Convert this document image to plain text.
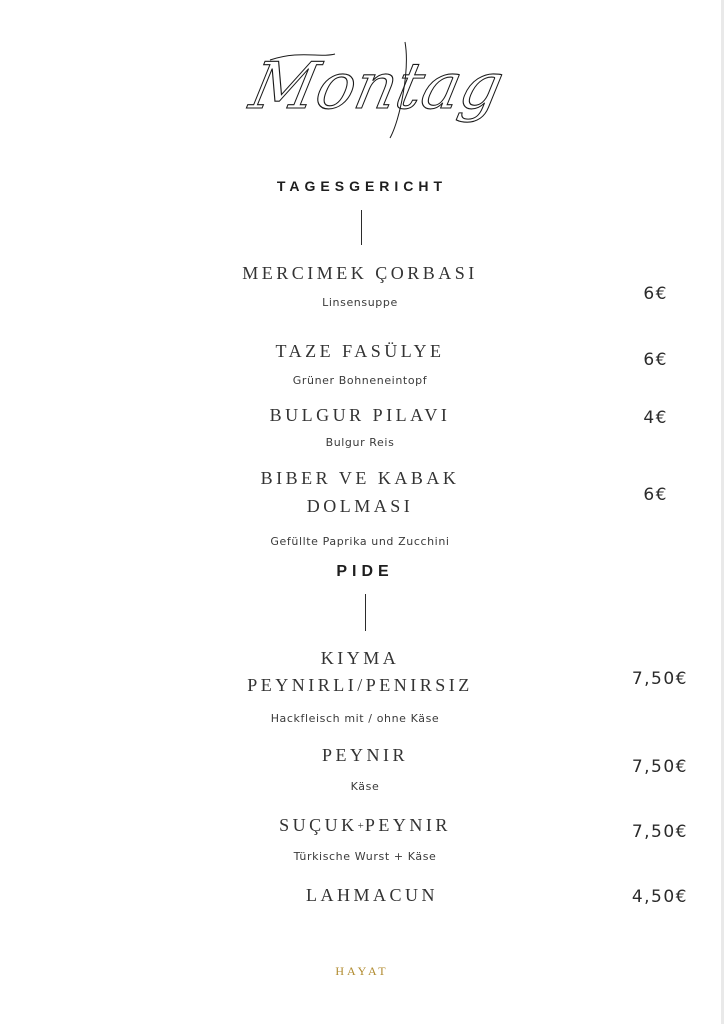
Montag
TAGESGERICHT
MERCIMEK ÇORBASI
Linsensuppe	6€
TAZE FASÜLYE
Grüner Bohneneintopf
6€
BULGUR PILAVI
Bulgur Reis
4€
BIBER VE KABAK
DOLMASI
Gefüllte Paprika und Zucchini
6€
PIDE
KIYMA
PEYNIRLI/PENIRSIZ
Hackfleisch mit / ohne Käse
7,50€
PEYNIR
Käse
7,50€
SUÇUK+PEYNIR
Türkische Wurst + Käse
7,50€
LAHMACUN	4,50€
HAYAT
